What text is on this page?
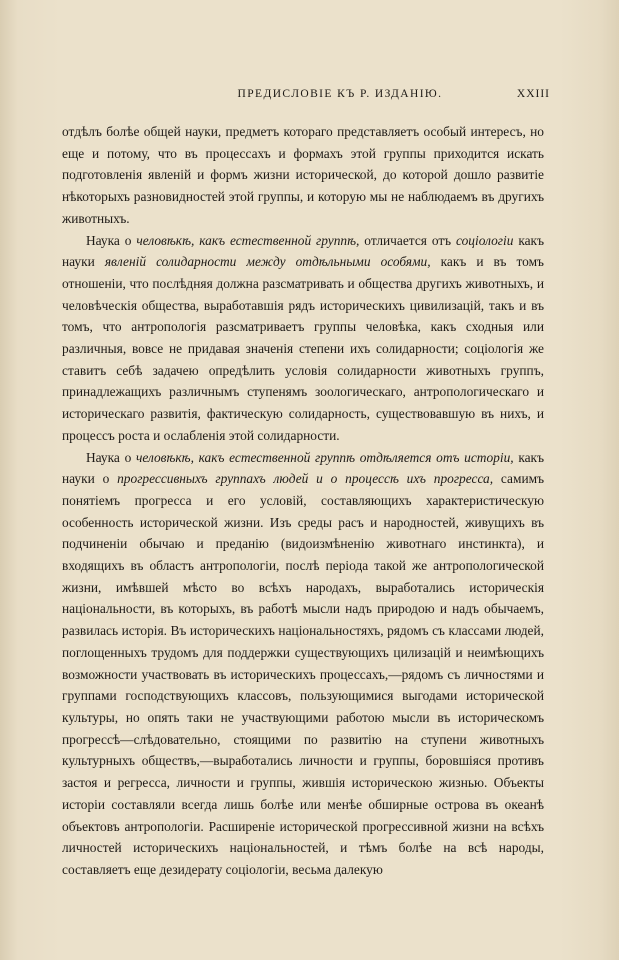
ПРЕДИСЛОВІЕ КЪ Р. ИЗДАНІЮ.	XXIII

отдѣлъ болѣе общей науки, предметъ котораго представляетъ особый интересъ, но еще и потому, что въ процессахъ и формахъ этой группы приходится искать подготовленія явленій и формъ жизни исторической, до которой дошло развитіе нѣкоторыхъ разновидностей этой группы, и которую мы не наблюдаемъ въ другихъ животныхъ.

Наука о человѣкѣ, какъ естественной группѣ, отличается отъ соціологіи какъ науки явленій солидарности между отдѣльными особями, какъ и въ томъ отношеніи, что послѣдняя должна разсматривать и общества другихъ животныхъ, и человѣческія общества, выработавшія рядъ историческихъ цивилизацій, такъ и въ томъ, что антропологія разсматриваетъ группы человѣка, какъ сходныя или различныя, вовсе не придавая значенія степени ихъ солидарности; соціологія же ставитъ себѣ задачею опредѣлить условія солидарности животныхъ группъ, принадлежащихъ различнымъ ступенямъ зоологическаго, антропологическаго и историческаго развитія, фактическую солидарность, существовавшую въ нихъ, и процессъ роста и ослабленія этой солидарности.

Наука о человѣкѣ, какъ естественной группѣ отдѣляется отъ исторіи, какъ науки о прогрессивныхъ группахъ людей и о процессѣ ихъ прогресса, самимъ понятіемъ прогресса и его условій, составляющихъ характеристическую особенность исторической жизни. Изъ среды расъ и народностей, живущихъ въ подчиненіи обычаю и преданію (видоизмѣненію животнаго инстинкта), и входящихъ въ областъ антропологіи, послѣ періода такой же антропологической жизни, имѣвшей мѣсто во всѣхъ народахъ, выработались историческія національности, въ которыхъ, въ работѣ мысли надъ природою и надъ обычаемъ, развилась исторія. Въ историческихъ національностяхъ, рядомъ съ классами людей, поглощенныхъ трудомъ для поддержки существующихъ цилизацій и неимѣющихъ возможности участвовать въ историческихъ процессахъ,—рядомъ съ личностями и группами господствующихъ классовъ, пользующимися выгодами исторической культуры, но опять таки не участвующими работою мысли въ историческомъ прогрессѣ—слѣдовательно, стоящими по развитію на ступени животныхъ культурныхъ обществъ,—выработались личности и группы, боровшіяся противъ застоя и регресса, личности и группы, жившія историческою жизнью. Объекты исторіи составляли всегда лишь болѣе или менѣе обширные острова въ океанѣ объектовъ антропологіи. Расширеніе исторической прогрессивной жизни на всѣхъ личностей историческихъ національностей, и тѣмъ болѣе на всѣ народы, составляетъ еще дезидерату соціологіи, весьма далекую
